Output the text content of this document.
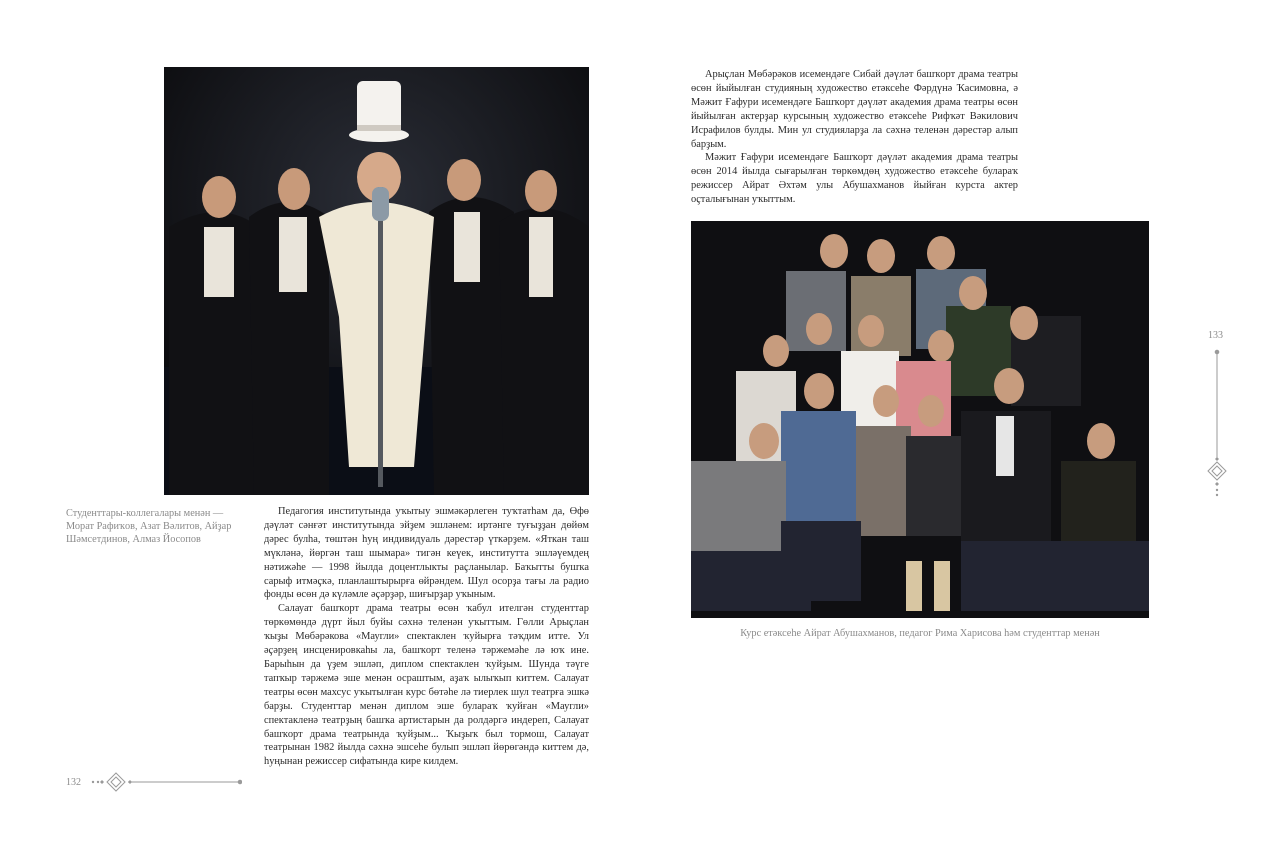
Студенттары-коллегалары менән — Морат Рафиҡов, Азат Вәлитов, Айҙар Шәмсетдинов, Алмаз Йосопов

Педагогия институтында уҡытыу эшмәкәрлеген туҡтатһам да, Өфө дәүләт сәнғәт институтында эйҙем эшләнем: иртәнге туғыҙҙан дөйөм дәрес булһа, төштән һуң индивидуаль дәрестәр үткәрҙем. «Яткан таш мүкләнә, йөргән таш шымара» тигән кеүек, институтта эшләүемдең нәтижәһе — 1998 йылда доцентлыкты раҫланылар. Баҡытты бушҡа сарыф итмәҫкә, планлаштырырға өйрәндем. Шул осорҙа тағы ла радио фонды өсөн дә күләмле әҫәрҙәр, шиғырҙар уҡыным.

Салауат башҡорт драма театры өсөн ҡабул ителгән студенттар төркөмөндә дүрт йыл буйы сәхнә теленән уҡыттым. Гөлли Арыҫлан ҡыҙы Мөбәрәкова «Маугли» спектаклен ҡуйырға тәҡдим итте. Ул әҫәрҙең инсценировкаһы ла, башҡорт теленә тәржемәһе лә юҡ ине. Барыһын да үҙем эшләп, диплом спектаклен ҡуйҙым. Шунда тәүге тапҡыр тәржемә эше менән осраштым, аҙаҡ ылыҡып киттем. Салауат театры өсөн махсус уҡытылған курс бөтәһе лә тиерлек шул театрға эшкә барҙы. Студенттар менән диплом эше булараҡ ҡуйған «Маугли» спектакленә театрҙың башҡа артистарын да ролдәргә индереп, Салауат башҡорт драма театрында ҡуйҙым... Ҡыҙыҡ был тормош, Салауат театрынан 1982 йылда сәхнә эшсеһе булып эшләп йөрөгәндә киттем дә, һуңынан режиссер сифатында кире килдем.

132

Арыҫлан Мөбәрәков исемендәге Сибай дәүләт башҡорт драма театры өсөн йыйылған студияның художество етәксеһе Фәрдүнә Ҡасимовна, ә Мәжит Ғафури исемендәге Башҡорт дәүләт академия драма театры өсөн йыйылған актерҙар курсының художество етәксеһе Рифҡәт Вәкилович Исрафилов булды. Мин ул студияларҙа ла сәхнә теленән дәрестәр алып барҙым.

Мәжит Ғафури исемендәге Башҡорт дәүләт академия драма театры өсөн 2014 йылда сығарылған төркөмдөң художество етәксеһе булараҡ режиссер Айрат Әхтәм улы Абушахманов йыйған курста актер оҫталығынан уҡыттым.

Курс етәксеһе Айрат Абушахманов, педагог Рима Харисова һәм студенттар менән
133
